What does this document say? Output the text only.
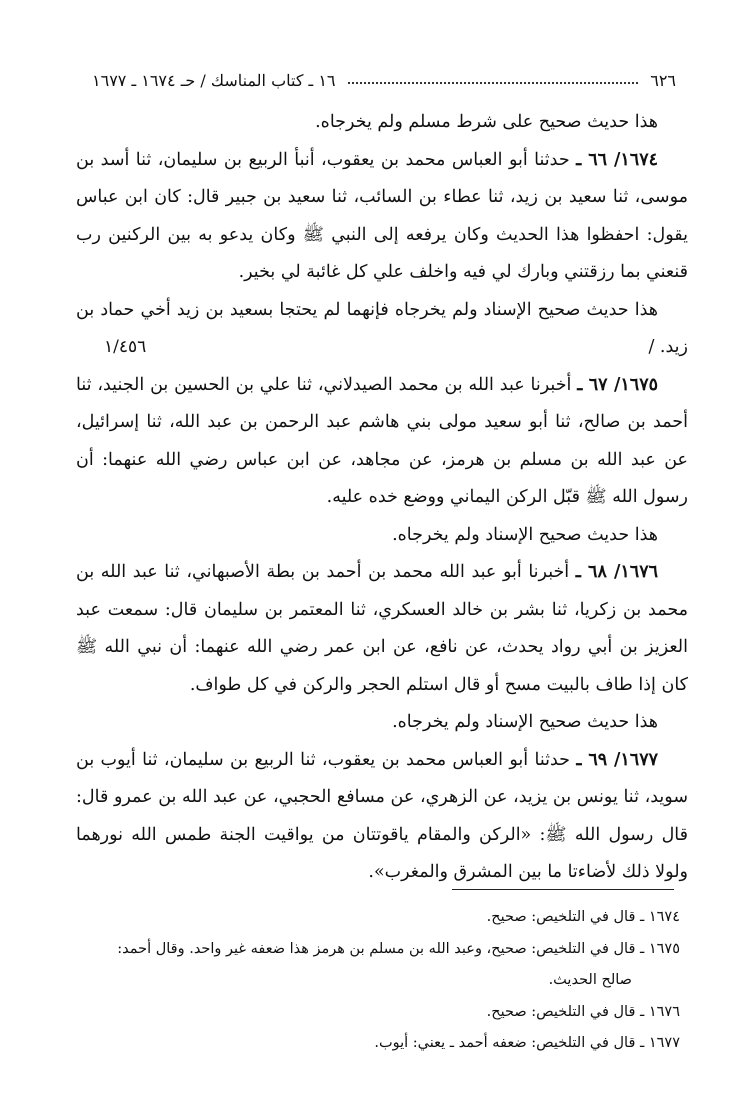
٦٢٦
١٦ ـ كتاب المناسك / حـ ١٦٧٤ ـ ١٦٧٧

هذا حديث صحيح على شرط مسلم ولم يخرجاه.

١٦٧٤/ ٦٦ ـ حدثنا أبو العباس محمد بن يعقوب، أنبأ الربيع بن سليمان، ثنا أسد بن موسى، ثنا سعيد بن زيد، ثنا عطاء بن السائب، ثنا سعيد بن جبير قال: كان ابن عباس يقول: احفظوا هذا الحديث وكان يرفعه إلى النبي ﷺ وكان يدعو به بين الركنين رب قنعني بما رزقتني وبارك لي فيه واخلف علي كل غائبة لي بخير.

هذا حديث صحيح الإسناد ولم يخرجاه فإنهما لم يحتجا بسعيد بن زيد أخي حماد بن زيد. /
١/٤٥٦

١٦٧٥/ ٦٧ ـ أخبرنا عبد الله بن محمد الصيدلاني، ثنا علي بن الحسين بن الجنيد، ثنا أحمد بن صالح، ثنا أبو سعيد مولى بني هاشم عبد الرحمن بن عبد الله، ثنا إسرائيل، عن عبد الله بن مسلم بن هرمز، عن مجاهد، عن ابن عباس رضي الله عنهما: أن رسول الله ﷺ قبّل الركن اليماني ووضع خده عليه.

هذا حديث صحيح الإسناد ولم يخرجاه.

١٦٧٦/ ٦٨ ـ أخبرنا أبو عبد الله محمد بن أحمد بن بطة الأصبهاني، ثنا عبد الله بن محمد بن زكريا، ثنا بشر بن خالد العسكري، ثنا المعتمر بن سليمان قال: سمعت عبد العزيز بن أبي رواد يحدث، عن نافع، عن ابن عمر رضي الله عنهما: أن نبي الله ﷺ كان إذا طاف بالبيت مسح أو قال استلم الحجر والركن في كل طواف.

هذا حديث صحيح الإسناد ولم يخرجاه.

١٦٧٧/ ٦٩ ـ حدثنا أبو العباس محمد بن يعقوب، ثنا الربيع بن سليمان، ثنا أيوب بن سويد، ثنا يونس بن يزيد، عن الزهري، عن مسافع الحجبي، عن عبد الله بن عمرو قال: قال رسول الله ﷺ: «الركن والمقام ياقوتتان من يواقيت الجنة طمس الله نورهما ولولا ذلك لأضاءتا ما بين المشرق والمغرب».

١٦٧٤ ـ قال في التلخيص: صحيح.
١٦٧٥ ـ قال في التلخيص: صحيح، وعبد الله بن مسلم بن هرمز هذا ضعفه غير واحد. وقال أحمد:
صالح الحديث.
١٦٧٦ ـ قال في التلخيص: صحيح.
١٦٧٧ ـ قال في التلخيص: ضعفه أحمد ـ يعني: أيوب.
